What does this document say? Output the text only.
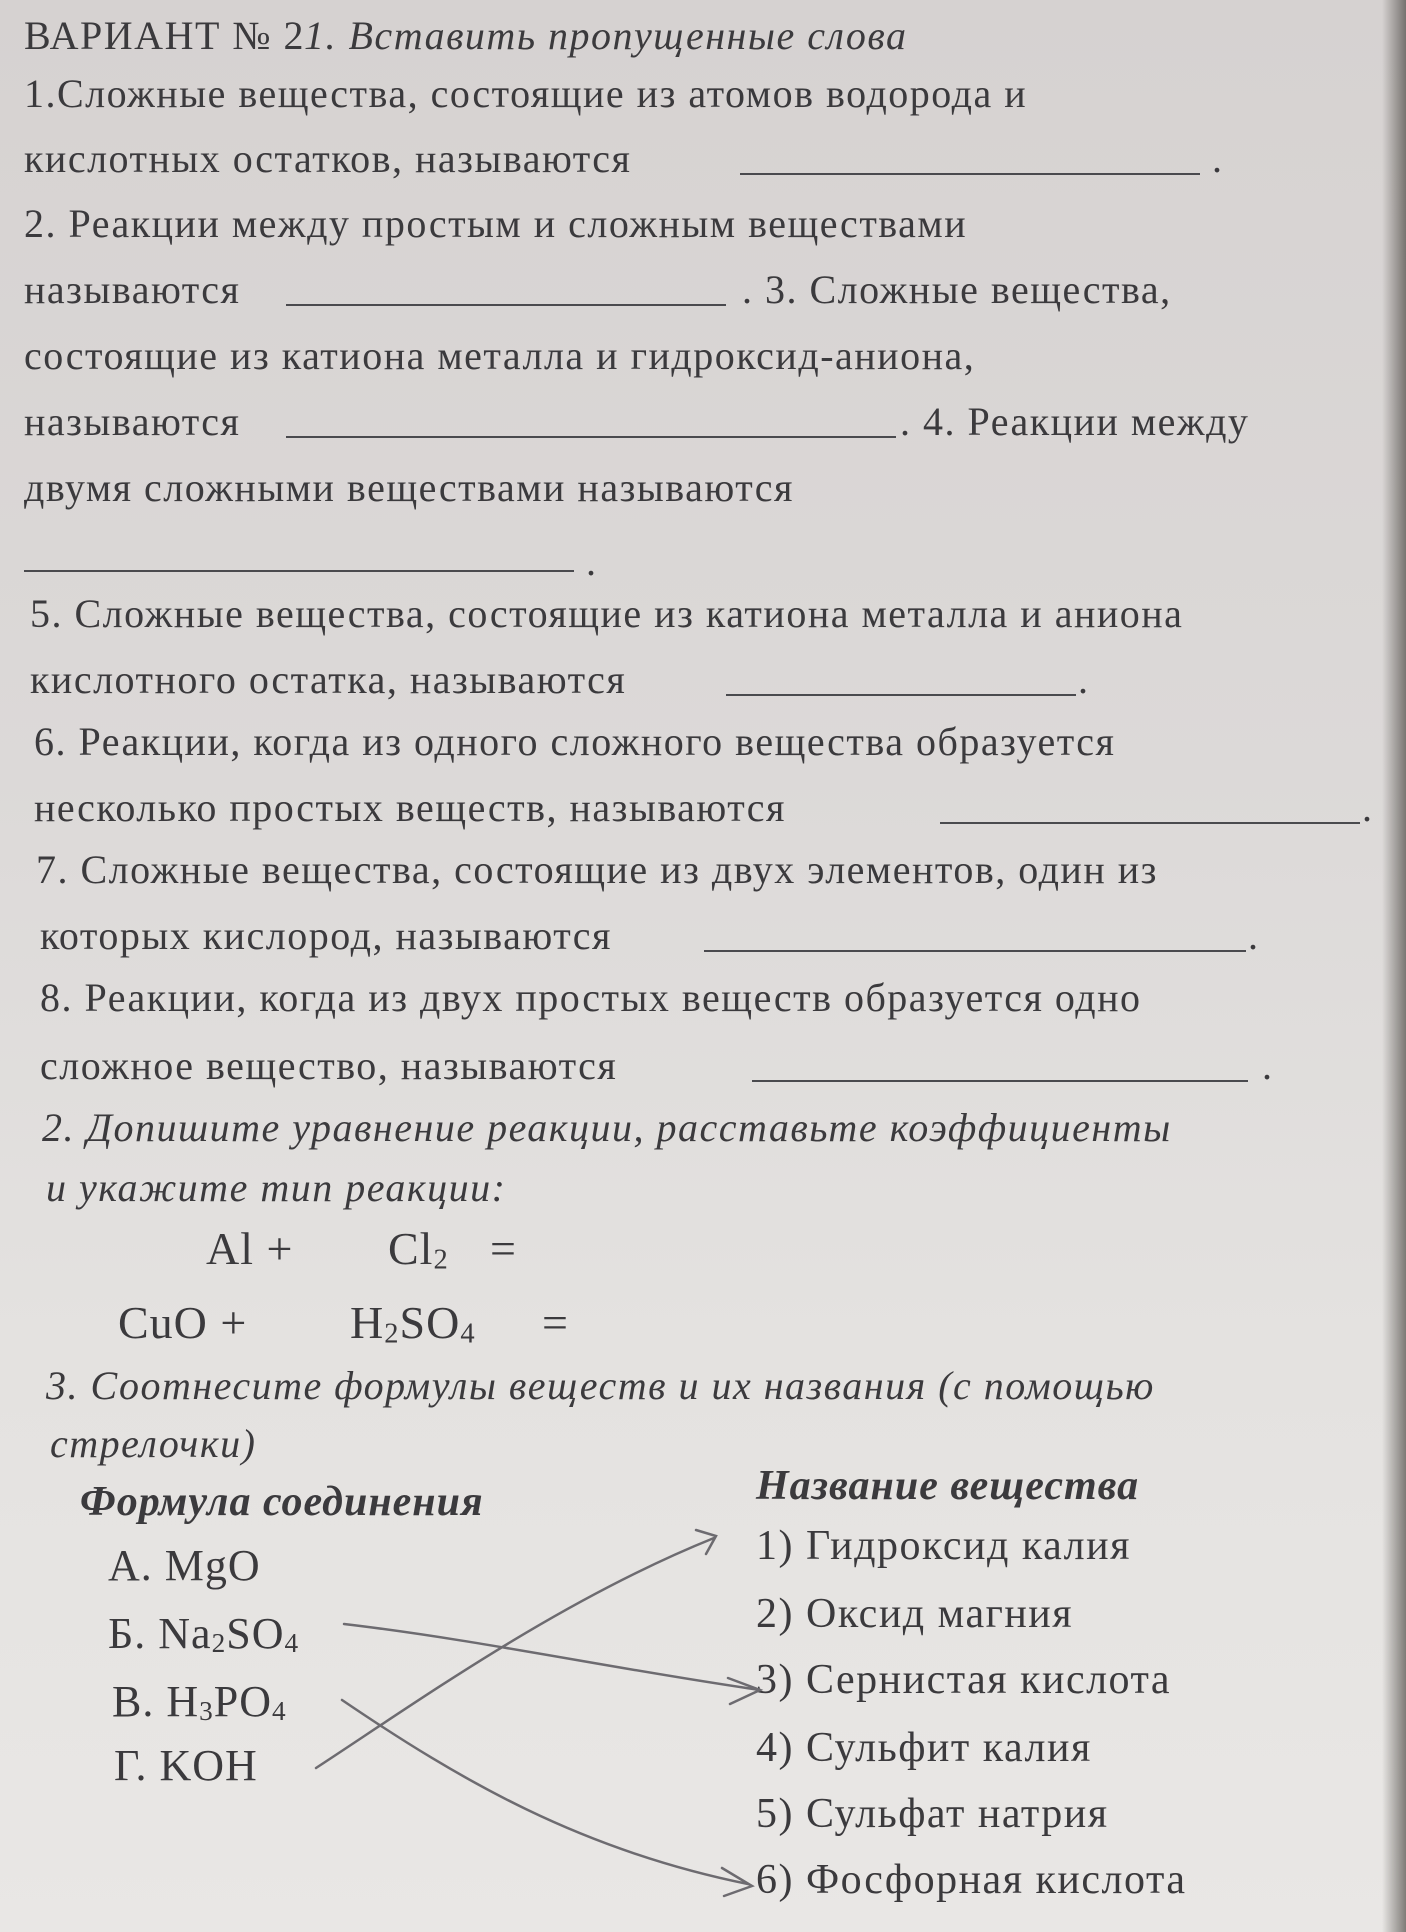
ВАРИАНТ № 2
1. Вставить пропущенные слова
1.Сложные вещества, состоящие из атомов водорода и
кислотных остатков, называются	.
2. Реакции между простым и сложным веществами
называются	. 3. Сложные вещества,
состоящие из катиона металла и гидроксид-аниона,
называются	. 4. Реакции между
двумя сложными веществами называются
.
5. Сложные вещества, состоящие из катиона металла и аниона
кислотного остатка, называются	.
6. Реакции, когда из одного сложного вещества образуется
несколько простых веществ, называются	.
7. Сложные вещества, состоящие из двух элементов, один из
которых кислород, называются	.
8. Реакции, когда из двух простых веществ образуется одно
сложное вещество, называются	.
2. Допишите уравнение реакции, расставьте коэффициенты
и укажите тип реакции:
$Al + Cl_2$ =
CuO + $H_2SO_4$ =
3. Соотнесите формулы веществ и их названия (с помощью
стрелочки)
Формула соединения	Название вещества
А. MgO
Б. $Na_2SO_4$
В. $H_3PO_4$
Г. KOH
1) Гидроксид калия
2) Оксид магния
3) Сернистая кислота
4) Сульфит калия
5) Сульфат натрия
6) Фосфорная кислота
